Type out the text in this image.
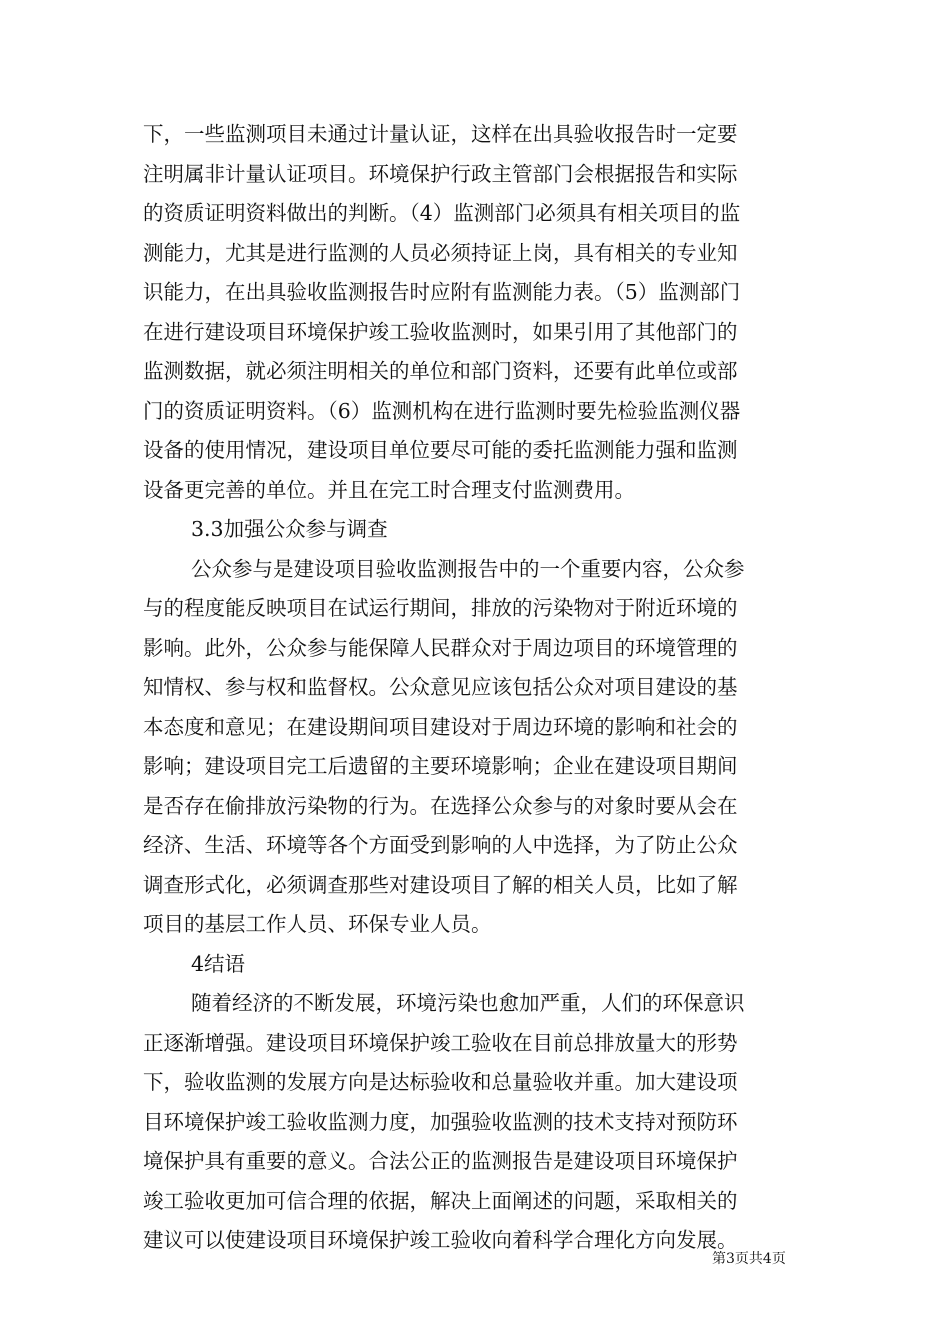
下，一些监测项目未通过计量认证，这样在出具验收报告时一定要
注明属非计量认证项目。环境保护行政主管部门会根据报告和实际
的资质证明资料做出的判断。（4）监测部门必须具有相关项目的监
测能力，尤其是进行监测的人员必须持证上岗，具有相关的专业知
识能力，在出具验收监测报告时应附有监测能力表。（5）监测部门
在进行建设项目环境保护竣工验收监测时，如果引用了其他部门的
监测数据，就必须注明相关的单位和部门资料，还要有此单位或部
门的资质证明资料。（6）监测机构在进行监测时要先检验监测仪器
设备的使用情况，建设项目单位要尽可能的委托监测能力强和监测
设备更完善的单位。并且在完工时合理支付监测费用。
3.3加强公众参与调查
公众参与是建设项目验收监测报告中的一个重要内容，公众参
与的程度能反映项目在试运行期间，排放的污染物对于附近环境的
影响。此外，公众参与能保障人民群众对于周边项目的环境管理的
知情权、参与权和监督权。公众意见应该包括公众对项目建设的基
本态度和意见；在建设期间项目建设对于周边环境的影响和社会的
影响；建设项目完工后遗留的主要环境影响；企业在建设项目期间
是否存在偷排放污染物的行为。在选择公众参与的对象时要从会在
经济、生活、环境等各个方面受到影响的人中选择，为了防止公众
调查形式化，必须调查那些对建设项目了解的相关人员，比如了解
项目的基层工作人员、环保专业人员。
4结语
随着经济的不断发展，环境污染也愈加严重，人们的环保意识
正逐渐增强。建设项目环境保护竣工验收在目前总排放量大的形势
下，验收监测的发展方向是达标验收和总量验收并重。加大建设项
目环境保护竣工验收监测力度，加强验收监测的技术支持对预防环
境保护具有重要的意义。合法公正的监测报告是建设项目环境保护
竣工验收更加可信合理的依据，解决上面阐述的问题，采取相关的
建议可以使建设项目环境保护竣工验收向着科学合理化方向发展。
第3页共4页
